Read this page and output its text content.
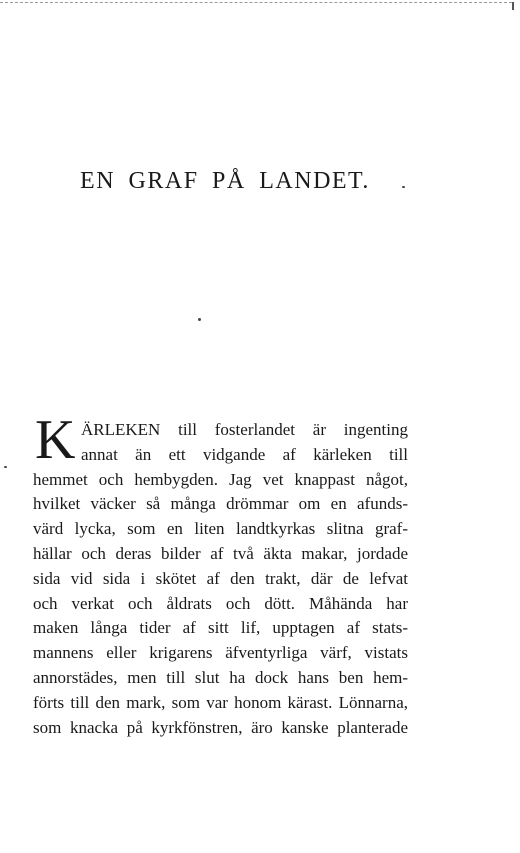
EN GRAF PÅ LANDET.
K ÄRLEKEN till fosterlandet är ingenting
annat än ett vidgande af kärleken till
hemmet och hembygden. Jag vet knappast något,
hvilket väcker så många drömmar om en afunds-
värd lycka, som en liten landtkyrkas slitna graf-
hällar och deras bilder af två äkta makar, jordade
sida vid sida i skötet af den trakt, där de lefvat
och verkat och åldrats och dött. Måhända har
maken långa tider af sitt lif, upptagen af stats-
mannens eller krigarens äfventyrliga värf, vistats
annorstädes, men till slut ha dock hans ben hem-
förts till den mark, som var honom kärast. Lönnarna,
som knacka på kyrkfönstren, äro kanske planterade
